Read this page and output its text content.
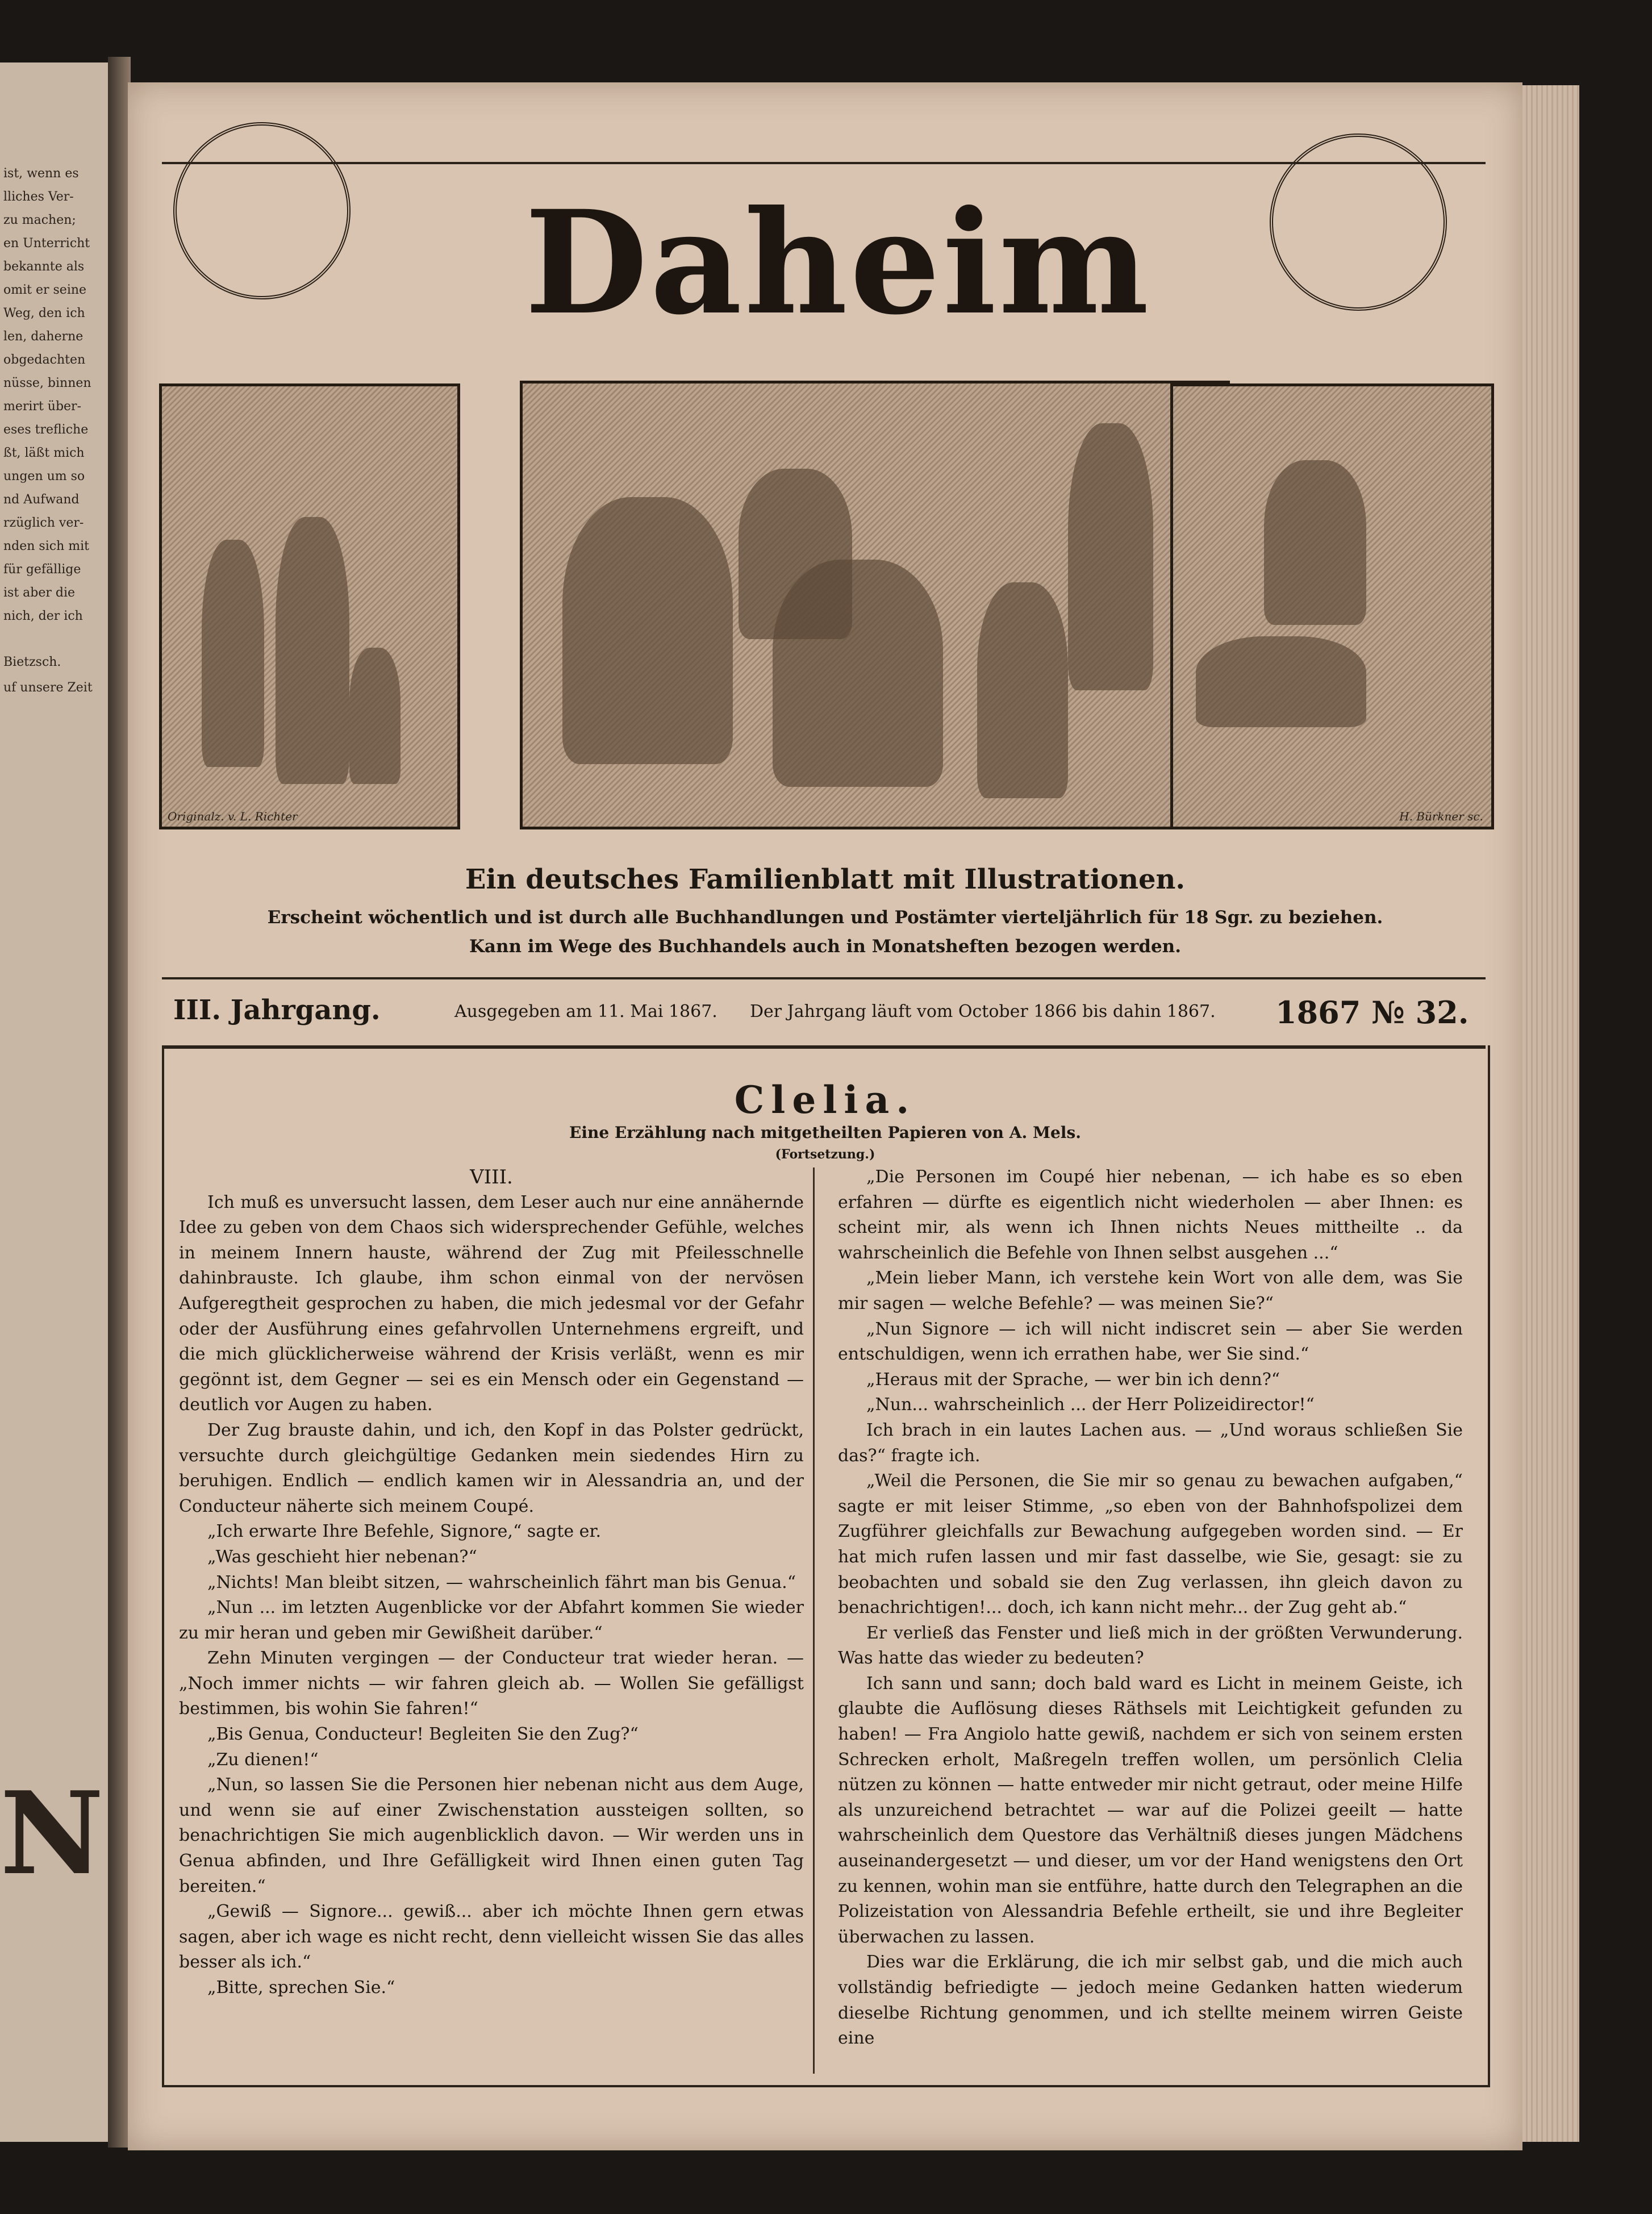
ist, wenn es
lliches Ver-
zu machen;
en Unterricht
bekannte als
omit er seine
Weg, den ich
len, daherne
obgedachten
nüsse, binnen
merirt über-
eses trefliche
ßt, läßt mich
ungen um so
nd Aufwand
rzüglich ver-
nden sich mit
für gefällige
ist aber die
nich, der ich
Bietzsch.
uf unsere Zeit
N
Daheim
Originalz. v. L. Richter	H. Bürkner sc.
Ein deutsches Familienblatt mit Illustrationen.
Erscheint wöchentlich und ist durch alle Buchhandlungen und Postämter vierteljährlich für 18 Sgr. zu beziehen.
Kann im Wege des Buchhandels auch in Monatsheften bezogen werden.
III. Jahrgang.	Ausgegeben am 11. Mai 1867. Der Jahrgang läuft vom October 1866 bis dahin 1867. 1867 № 32.
Clelia.
Eine Erzählung nach mitgetheilten Papieren von A. Mels.
(Fortsetzung.)

VIII.

Ich muß es unversucht lassen, dem Leser auch nur eine annähernde Idee zu geben von dem Chaos sich widersprechender Gefühle, welches in meinem Innern hauste, während der Zug mit Pfeilesschnelle dahinbrauste. Ich glaube, ihm schon einmal von der nervösen Aufgeregtheit gesprochen zu haben, die mich jedesmal vor der Gefahr oder der Ausführung eines gefahrvollen Unternehmens ergreift, und die mich glücklicherweise während der Krisis verläßt, wenn es mir gegönnt ist, dem Gegner — sei es ein Mensch oder ein Gegenstand — deutlich vor Augen zu haben.

Der Zug brauste dahin, und ich, den Kopf in das Polster gedrückt, versuchte durch gleichgültige Gedanken mein siedendes Hirn zu beruhigen. Endlich — endlich kamen wir in Alessandria an, und der Conducteur näherte sich meinem Coupé.

„Ich erwarte Ihre Befehle, Signore,“ sagte er.

„Was geschieht hier nebenan?“

„Nichts! Man bleibt sitzen, — wahrscheinlich fährt man bis Genua.“

„Nun ... im letzten Augenblicke vor der Abfahrt kommen Sie wieder zu mir heran und geben mir Gewißheit darüber.“

Zehn Minuten vergingen — der Conducteur trat wieder heran. — „Noch immer nichts — wir fahren gleich ab. — Wollen Sie gefälligst bestimmen, bis wohin Sie fahren!“

„Bis Genua, Conducteur! Begleiten Sie den Zug?“

„Zu dienen!“

„Nun, so lassen Sie die Personen hier nebenan nicht aus dem Auge, und wenn sie auf einer Zwischenstation aussteigen sollten, so benachrichtigen Sie mich augenblicklich davon. — Wir werden uns in Genua abfinden, und Ihre Gefälligkeit wird Ihnen einen guten Tag bereiten.“

„Gewiß — Signore... gewiß... aber ich möchte Ihnen gern etwas sagen, aber ich wage es nicht recht, denn vielleicht wissen Sie das alles besser als ich.“

„Bitte, sprechen Sie.“

„Die Personen im Coupé hier nebenan, — ich habe es so eben erfahren — dürfte es eigentlich nicht wiederholen — aber Ihnen: es scheint mir, als wenn ich Ihnen nichts Neues mittheilte .. da wahrscheinlich die Befehle von Ihnen selbst ausgehen ...“

„Mein lieber Mann, ich verstehe kein Wort von alle dem, was Sie mir sagen — welche Befehle? — was meinen Sie?“

„Nun Signore — ich will nicht indiscret sein — aber Sie werden entschuldigen, wenn ich errathen habe, wer Sie sind.“

„Heraus mit der Sprache, — wer bin ich denn?“

„Nun... wahrscheinlich ... der Herr Polizeidirector!“

Ich brach in ein lautes Lachen aus. — „Und woraus schließen Sie das?“ fragte ich.

„Weil die Personen, die Sie mir so genau zu bewachen aufgaben,“ sagte er mit leiser Stimme, „so eben von der Bahnhofspolizei dem Zugführer gleichfalls zur Bewachung aufgegeben worden sind. — Er hat mich rufen lassen und mir fast dasselbe, wie Sie, gesagt: sie zu beobachten und sobald sie den Zug verlassen, ihn gleich davon zu benachrichtigen!... doch, ich kann nicht mehr... der Zug geht ab.“

Er verließ das Fenster und ließ mich in der größten Verwunderung. Was hatte das wieder zu bedeuten?

Ich sann und sann; doch bald ward es Licht in meinem Geiste, ich glaubte die Auflösung dieses Räthsels mit Leichtigkeit gefunden zu haben! — Fra Angiolo hatte gewiß, nachdem er sich von seinem ersten Schrecken erholt, Maßregeln treffen wollen, um persönlich Clelia nützen zu können — hatte entweder mir nicht getraut, oder meine Hilfe als unzureichend betrachtet — war auf die Polizei geeilt — hatte wahrscheinlich dem Questore das Verhältniß dieses jungen Mädchens auseinandergesetzt — und dieser, um vor der Hand wenigstens den Ort zu kennen, wohin man sie entführe, hatte durch den Telegraphen an die Polizeistation von Alessandria Befehle ertheilt, sie und ihre Begleiter überwachen zu lassen.

Dies war die Erklärung, die ich mir selbst gab, und die mich auch vollständig befriedigte — jedoch meine Gedanken hatten wiederum dieselbe Richtung genommen, und ich stellte meinem wirren Geiste eine
